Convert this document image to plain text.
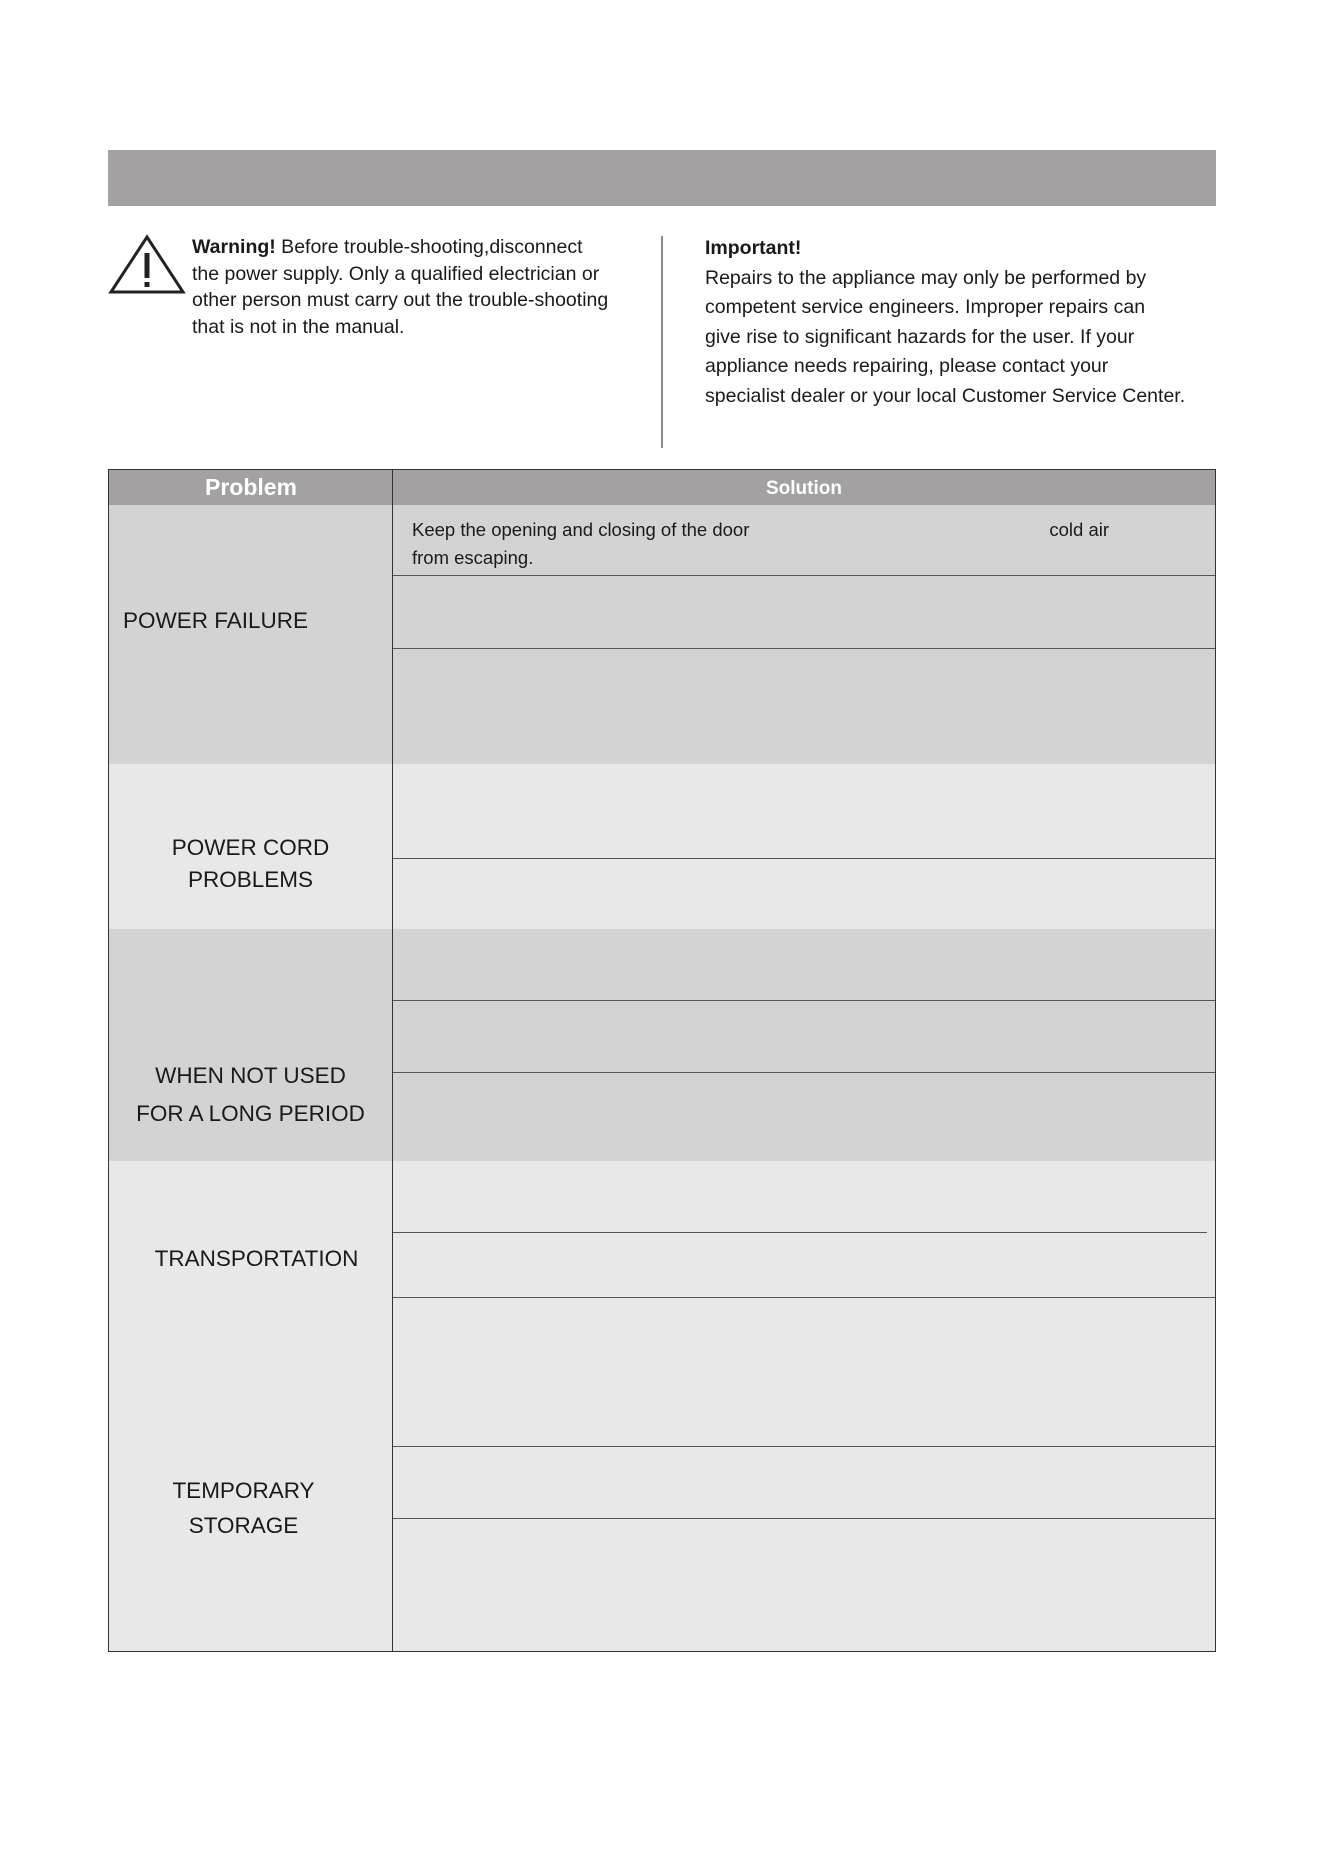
Warning! Before trouble-shooting,disconnect
the power supply. Only a qualified electrician or
other person must carry out the trouble-shooting
that is not in the manual.
Important!
Repairs to the appliance may only be performed by
competent service engineers. Improper repairs can
give rise to significant hazards for the user. If your
appliance needs repairing, please contact your
specialist dealer or your local Customer Service Center.
Problem	Solution
POWER FAILURE
Keep the opening and closing of the door	cold air
from escaping.
POWER CORD
PROBLEMS
WHEN NOT USED
FOR A LONG PERIOD
TRANSPORTATION
TEMPORARY
STORAGE
